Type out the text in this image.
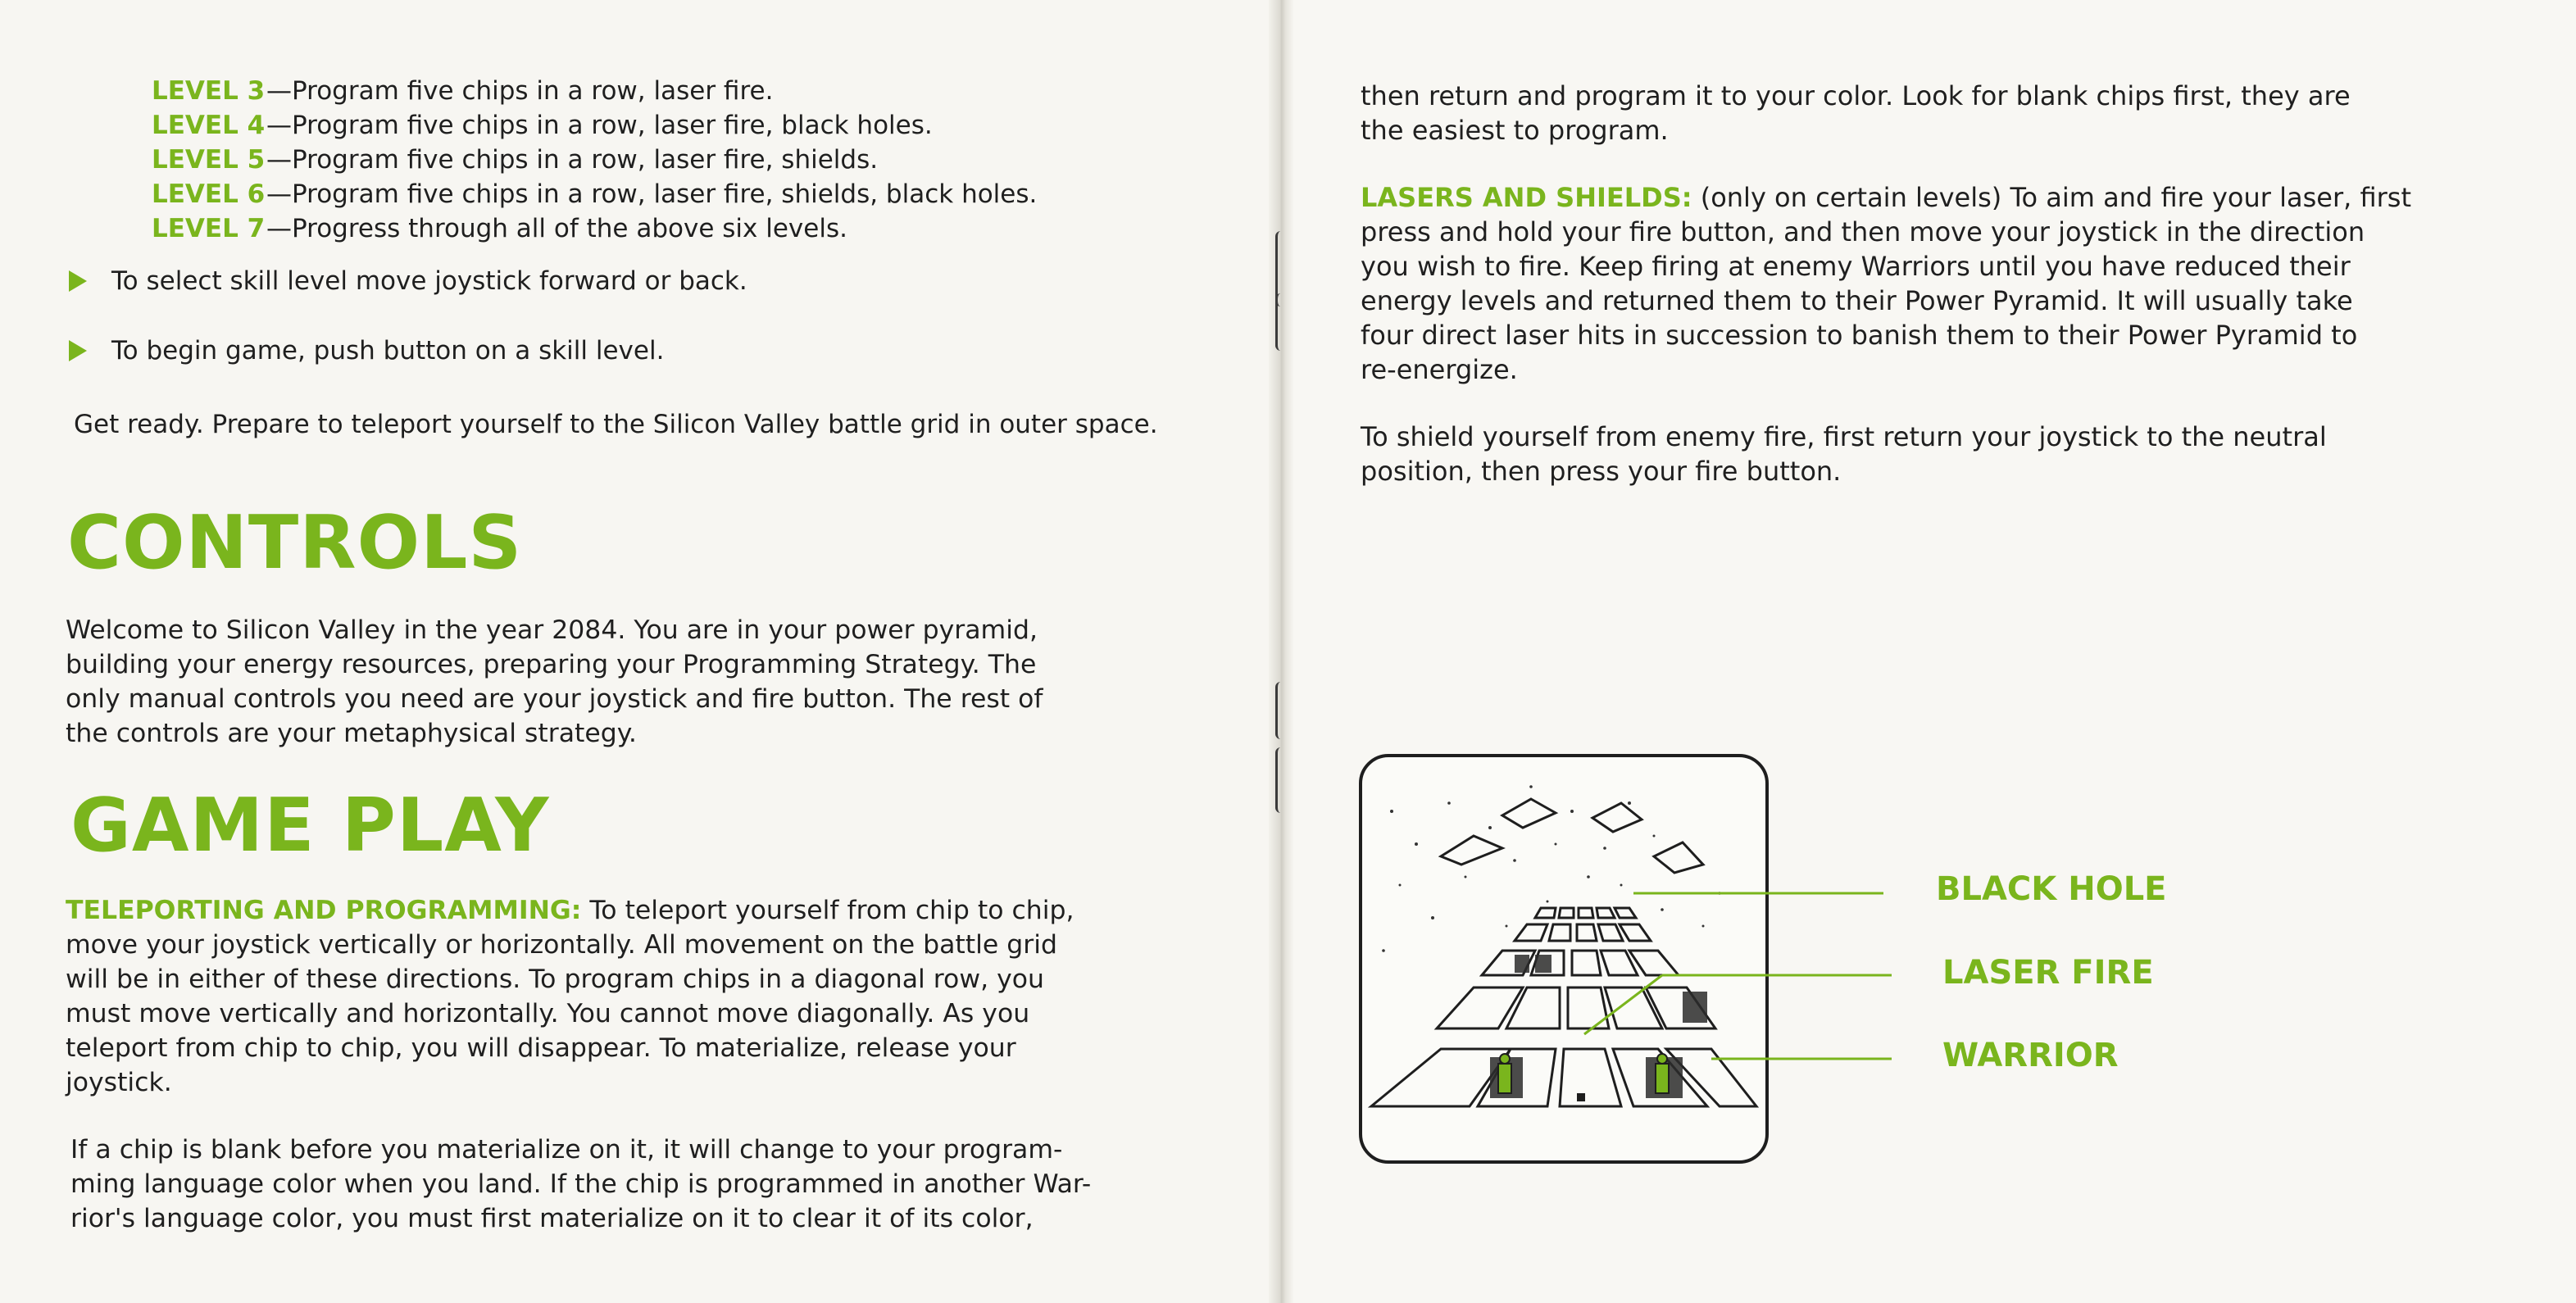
LEVEL 3—Program five chips in a row, laser fire.
LEVEL 4—Program five chips in a row, laser fire, black holes.
LEVEL 5—Program five chips in a row, laser fire, shields.
LEVEL 6—Program five chips in a row, laser fire, shields, black holes.
LEVEL 7—Progress through all of the above six levels.
To select skill level move joystick forward or back.
To begin game, push button on a skill level.
Get ready. Prepare to teleport yourself to the Silicon Valley battle grid in outer space.
CONTROLS
Welcome to Silicon Valley in the year 2084. You are in your power pyramid,
building your energy resources, preparing your Programming Strategy. The
only manual controls you need are your joystick and fire button. The rest of
the controls are your metaphysical strategy.
GAME PLAY
TELEPORTING AND PROGRAMMING: To teleport yourself from chip to chip,
move your joystick vertically or horizontally. All movement on the battle grid
will be in either of these directions. To program chips in a diagonal row, you
must move vertically and horizontally. You cannot move diagonally. As you
teleport from chip to chip, you will disappear. To materialize, release your
joystick.
If a chip is blank before you materialize on it, it will change to your program-
ming language color when you land. If the chip is programmed in another War-
rior's language color, you must first materialize on it to clear it of its color,
then return and program it to your color. Look for blank chips first, they are
the easiest to program.
LASERS AND SHIELDS: (only on certain levels) To aim and fire your laser, first
press and hold your fire button, and then move your joystick in the direction
you wish to fire. Keep firing at enemy Warriors until you have reduced their
energy levels and returned them to their Power Pyramid. It will usually take
four direct laser hits in succession to banish them to their Power Pyramid to
re-energize.
To shield yourself from enemy fire, first return your joystick to the neutral
position, then press your fire button.
BLACK HOLE
LASER FIRE
WARRIOR
